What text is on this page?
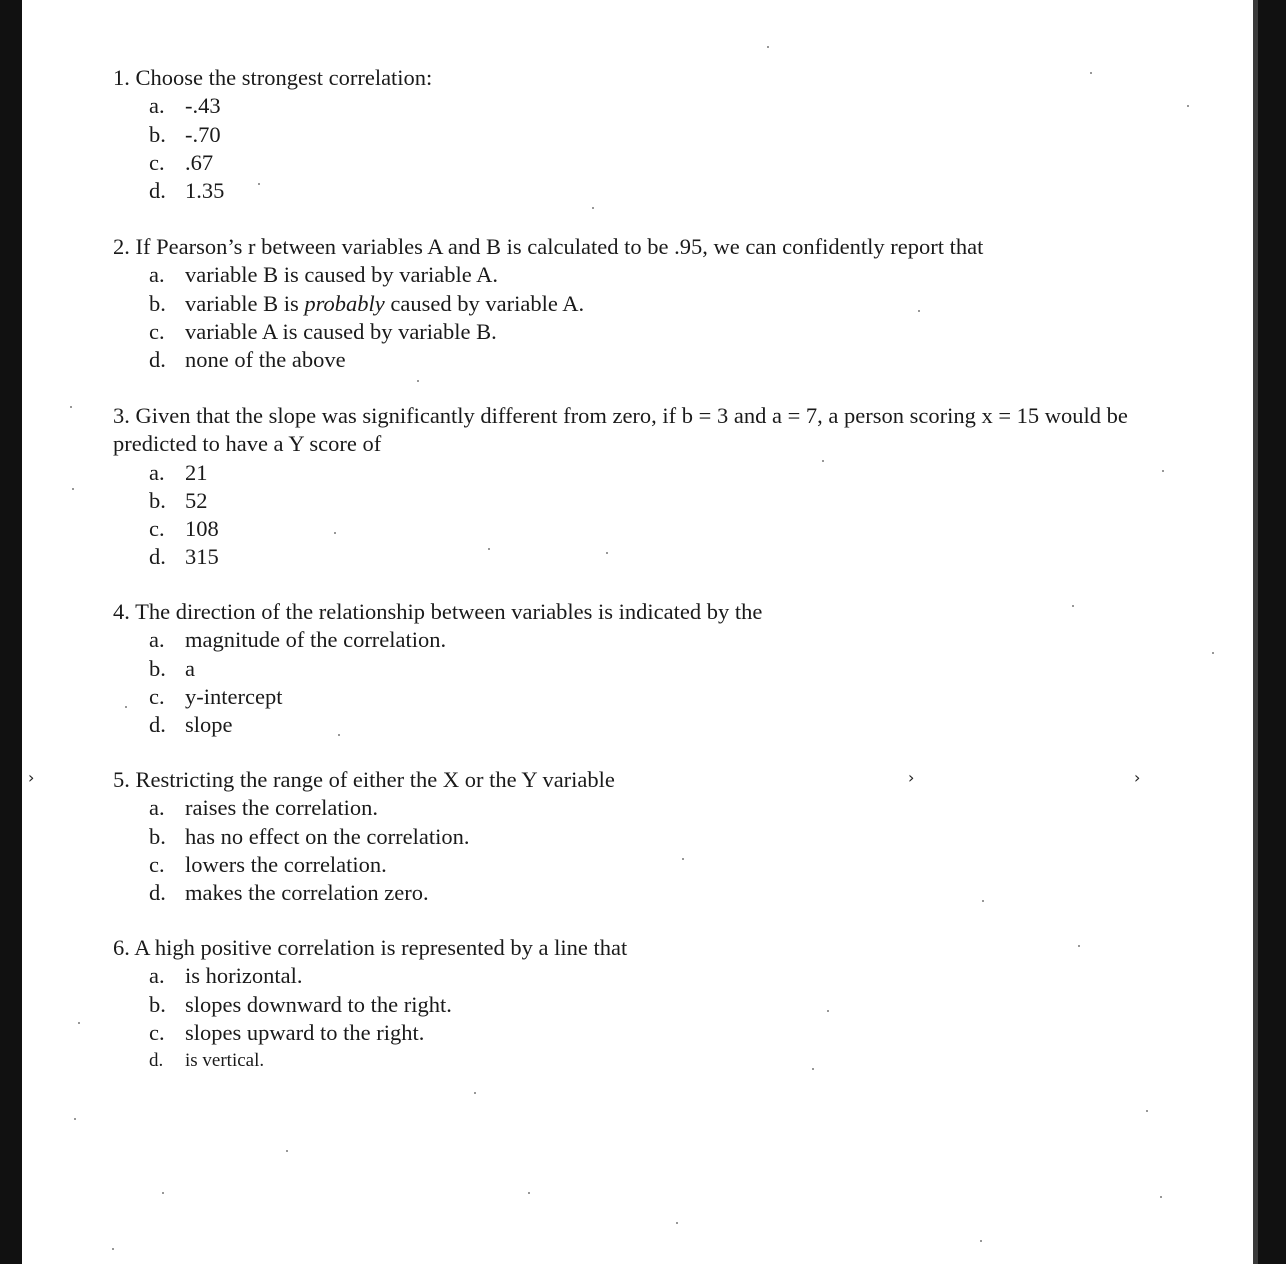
1. Choose the strongest correlation:
a. -.43
b. -.70
c. .67
d. 1.35
2. If Pearson’s r between variables A and B is calculated to be .95, we can confidently report that
a. variable B is caused by variable A.
b. variable B is probably caused by variable A.
c. variable A is caused by variable B.
d. none of the above
3. Given that the slope was significantly different from zero, if b = 3 and a = 7, a person scoring x = 15 would be predicted to have a Y score of
a. 21
b. 52
c. 108
d. 315
4. The direction of the relationship between variables is indicated by the
a. magnitude of the correlation.
b. a
c. y-intercept
d. slope
5. Restricting the range of either the X or the Y variable
a. raises the correlation.
b. has no effect on the correlation.
c. lowers the correlation.
d. makes the correlation zero.
6. A high positive correlation is represented by a line that
a. is horizontal.
b. slopes downward to the right.
c. slopes upward to the right.
d. is vertical.
›	›	›
